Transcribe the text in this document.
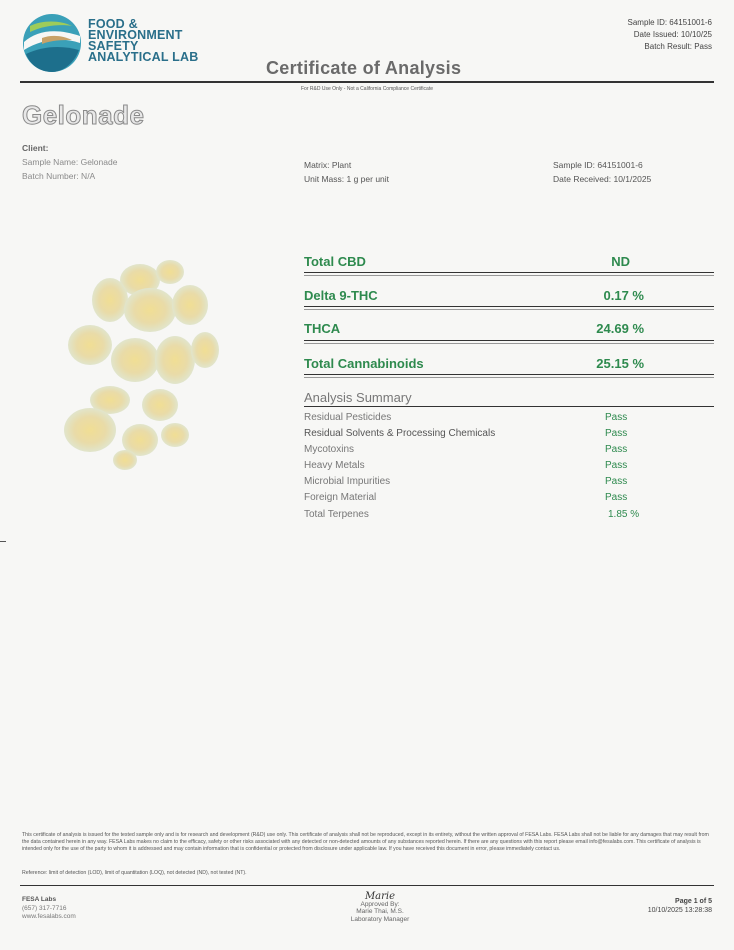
FOOD &
ENVIRONMENT
SAFETY
ANALYTICAL LAB
Certificate of Analysis
Sample ID: 64151001-6
Date Issued: 10/10/25
Batch Result: Pass
For R&D Use Only - Not a California Compliance Certificate
Gelonade
Client:
Sample Name: Gelonade
Batch Number: N/A
Matrix: Plant
Unit Mass: 1 g per unit
Sample ID: 64151001-6
Date Received: 10/1/2025
Total CBD	ND
Delta 9-THC	0.17 %
THCA	24.69 %
Total Cannabinoids	25.15 %
Analysis Summary
Residual Pesticides	Pass
Residual Solvents & Processing Chemicals	Pass
Mycotoxins	Pass
Heavy Metals	Pass
Microbial Impurities	Pass
Foreign Material	Pass
Total Terpenes	1.85 %
This certificate of analysis is issued for the tested sample only and is for research and development (R&D) use only. This certificate of analysis shall not be reproduced, except in its entirety, without the written approval of FESA Labs. FESA Labs shall not be liable for any damages that may result from the data contained herein in any way. FESA Labs makes no claim to the efficacy, safety or other risks associated with any detected or non-detected amounts of any substances reported herein. If there are any questions with this report please email info@fesalabs.com. This certificate of analysis is intended only for the use of the party to whom it is addressed and may contain information that is confidential or protected from disclosure under applicable law. If you have received this document in error, please immediately contact us.
Reference: limit of detection (LOD), limit of quantitation (LOQ), not detected (ND), not tested (NT).
FESA Labs
(657) 317-7716
www.fesalabs.com
Marie
Approved By:
Marie Thai, M.S.
Laboratory Manager
Page 1 of 5
10/10/2025 13:28:38
